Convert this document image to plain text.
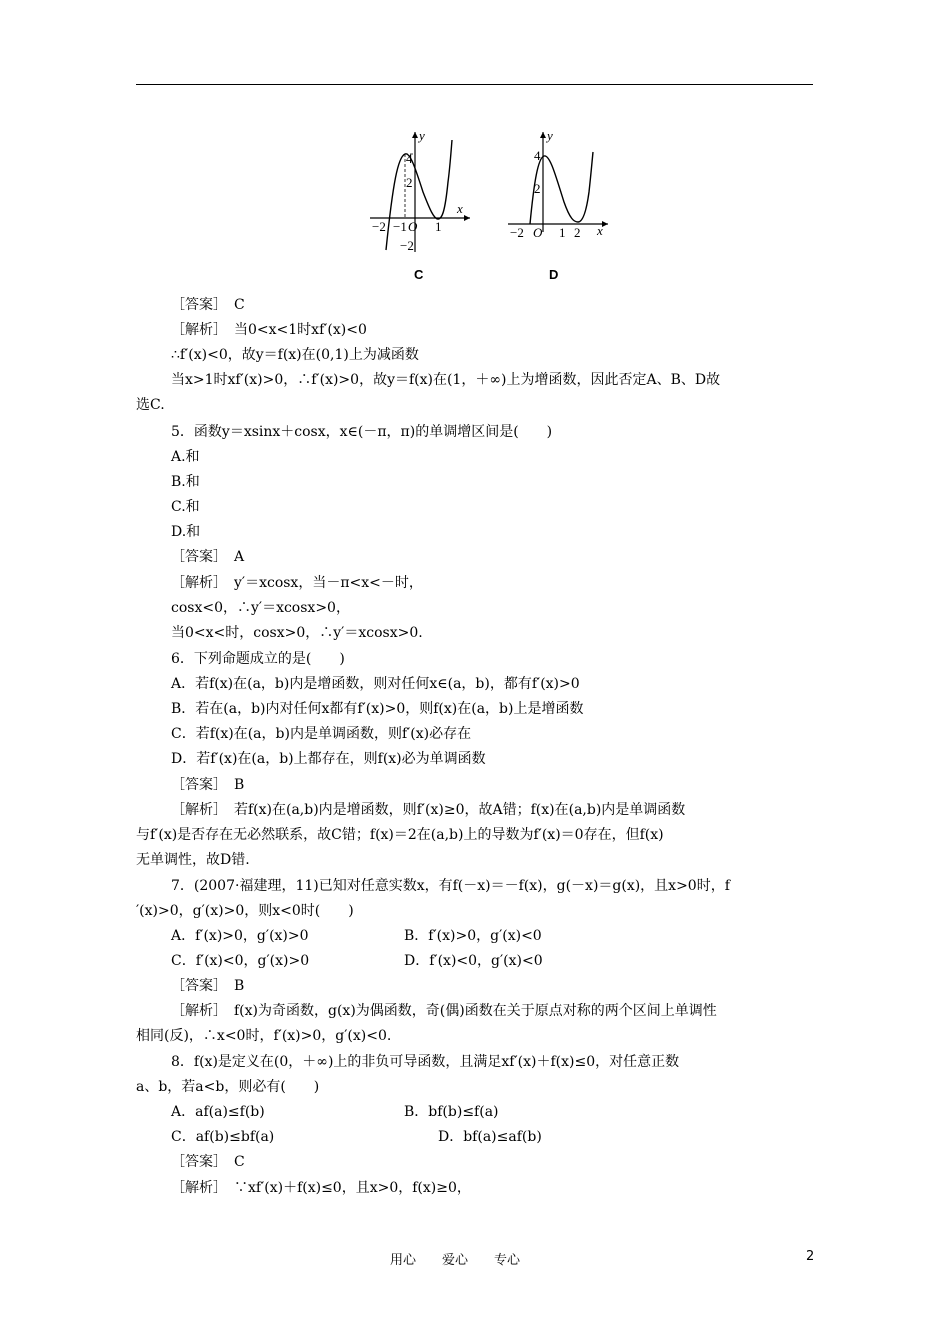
y
x
4
2
−2
−2 −1 O 1
C
y
x
4
2
−2 O 1 2
D
［答案］　C
［解析］　当0<x<1时xf′(x)<0
∴f′(x)<0，故y＝f(x)在(0,1)上为减函数
当x>1时xf′(x)>0，∴f′(x)>0，故y＝f(x)在(1，＋∞)上为增函数，因此否定A、B、D故
选C.
5．函数y＝xsinx＋cosx，x∈(－π，π)的单调增区间是(　　)
A.和
B.和
C.和
D.和
［答案］　A
［解析］　y′＝xcosx，当－π<x<－时，
cosx<0，∴y′＝xcosx>0，
当0<x<时，cosx>0，∴y′＝xcosx>0.
6．下列命题成立的是(　　)
A．若f(x)在(a，b)内是增函数，则对任何x∈(a，b)，都有f′(x)>0
B．若在(a，b)内对任何x都有f′(x)>0，则f(x)在(a，b)上是增函数
C．若f(x)在(a，b)内是单调函数，则f′(x)必存在
D．若f′(x)在(a，b)上都存在，则f(x)必为单调函数
［答案］　B
［解析］　若f(x)在(a,b)内是增函数，则f′(x)≥0，故A错；f(x)在(a,b)内是单调函数
与f′(x)是否存在无必然联系，故C错；f(x)＝2在(a,b)上的导数为f′(x)＝0存在，但f(x)
无单调性，故D错.
7．(2007·福建理，11)已知对任意实数x，有f(－x)＝－f(x)，g(－x)＝g(x)，且x>0时，f
′(x)>0，g′(x)>0，则x<0时(　　)
A．f′(x)>0，g′(x)>0	B．f′(x)>0，g′(x)<0
C．f′(x)<0，g′(x)>0	D．f′(x)<0，g′(x)<0
［答案］　B
［解析］　f(x)为奇函数，g(x)为偶函数，奇(偶)函数在关于原点对称的两个区间上单调性
相同(反)，∴x<0时，f′(x)>0，g′(x)<0.
8．f(x)是定义在(0，＋∞)上的非负可导函数，且满足xf′(x)＋f(x)≤0，对任意正数
a、b，若a<b，则必有(　　)
A．af(a)≤f(b)	B．bf(b)≤f(a)
C．af(b)≤bf(a)	D．bf(a)≤af(b)
［答案］　C
［解析］　∵xf′(x)＋f(x)≤0，且x>0，f(x)≥0，
用心　　爱心　　专心	2
